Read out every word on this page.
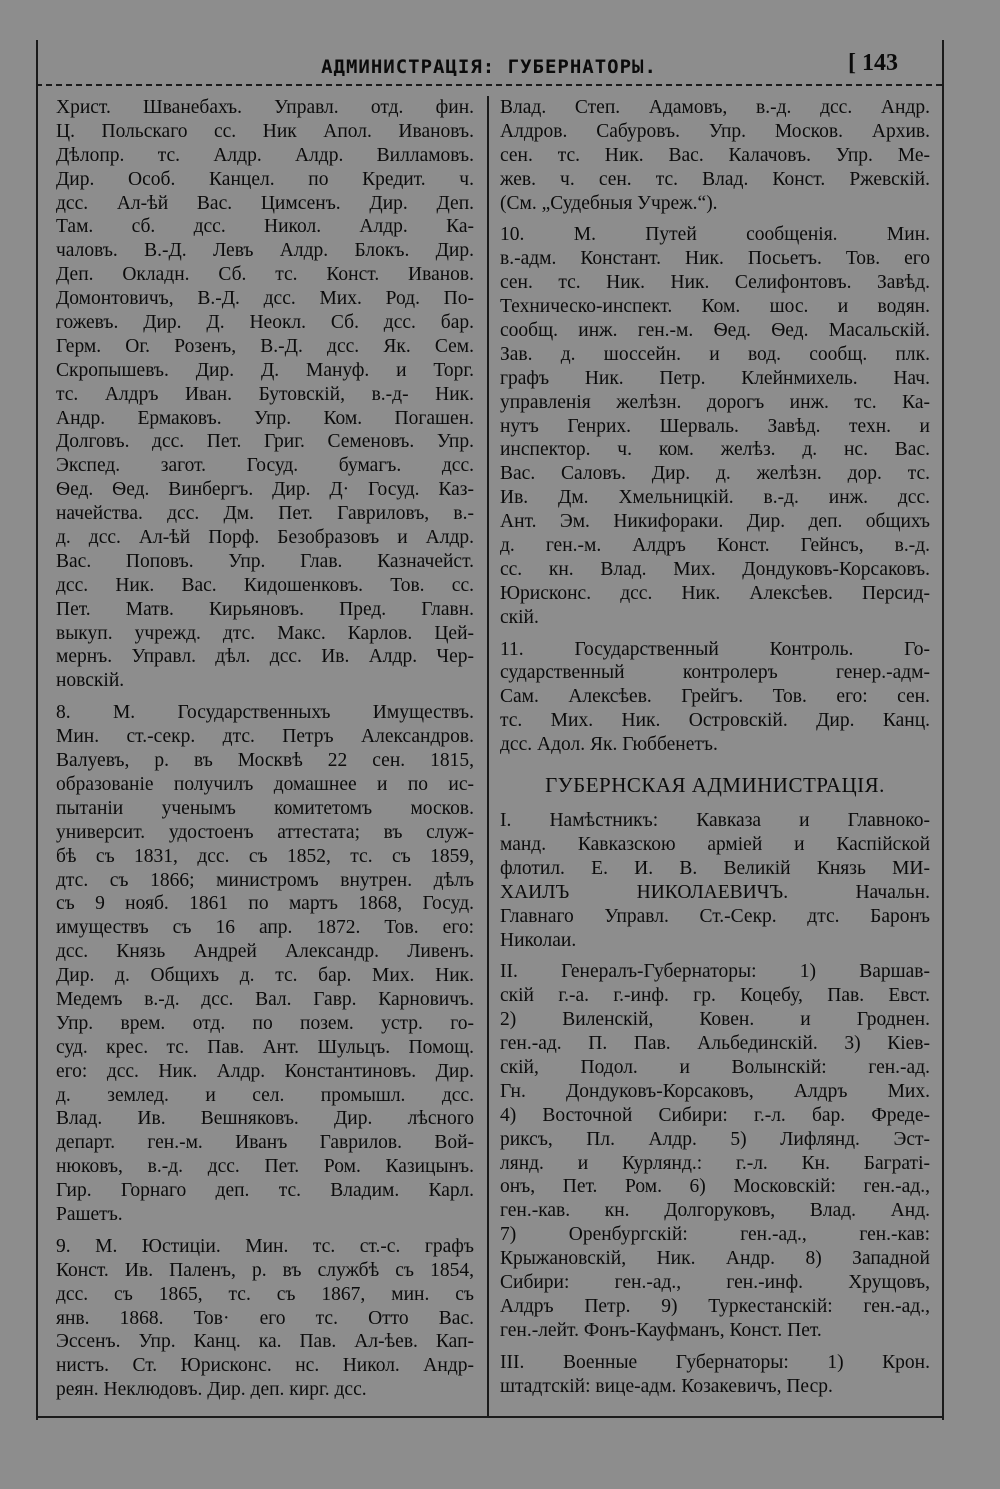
АДМИНИСТРАЦІЯ: ГУБЕРНАТОРЫ.	[ 143
Христ. Шванебахъ. Управл. отд. фин.
Ц. Польскаго сс. Ник Апол. Ивановъ.
Дѣлопр. тс. Алдр. Алдр. Вилламовъ.
Дир. Особ. Канцел. по Кредит. ч.
дсс. Ал-ѣй Вас. Цимсенъ. Дир. Деп.
Там. сб. дсс. Никол. Алдр. Ка-
чаловъ. В.-Д. Левъ Алдр. Блокъ. Дир.
Деп. Окладн. Сб. тс. Конст. Иванов.
Домонтовичъ, В.-Д. дсс. Мих. Род. По-
гожевъ. Дир. Д. Неокл. Сб. дсс. бар.
Герм. Ог. Розенъ, В.-Д. дсс. Як. Сем.
Скропышевъ. Дир. Д. Мануф. и Торг.
тс. Алдръ Иван. Бутовскій, в.-д- Ник.
Андр. Ермаковъ. Упр. Ком. Погашен.
Долговъ. дсс. Пет. Григ. Семеновъ. Упр.
Экспед. загот. Госуд. бумагъ. дсс.
Ѳед. Ѳед. Винбергъ. Дир. Д· Госуд. Каз-
начейства. дсс. Дм. Пет. Гавриловъ, в.-
д. дсс. Ал-ѣй Порф. Безобразовъ и Алдр.
Вас. Поповъ. Упр. Глав. Казначейст.
дсс. Ник. Вас. Кидошенковъ. Тов. сс.
Пет. Матв. Кирьяновъ. Пред. Главн.
выкуп. учрежд. дтс. Макс. Карлов. Цей-
мернъ. Управл. дѣл. дсс. Ив. Алдр. Чер-
новскій.
8. М. Государственныхъ Имуществъ.
Мин. ст.-секр. дтс. Петръ Александров.
Валуевъ, р. въ Москвѣ 22 сен. 1815,
образованіе получилъ домашнее и по ис-
пытаніи ученымъ комитетомъ москов.
университ. удостоенъ аттестата; въ служ-
бѣ съ 1831, дсс. съ 1852, тс. съ 1859,
дтс. съ 1866; министромъ внутрен. дѣлъ
съ 9 нояб. 1861 по мартъ 1868, Госуд.
имуществъ съ 16 апр. 1872. Тов. его:
дсс. Князь Андрей Александр. Ливенъ.
Дир. д. Общихъ д. тс. бар. Мих. Ник.
Медемъ в.-д. дсс. Вал. Гавр. Карновичъ.
Упр. врем. отд. по позем. устр. го-
суд. крес. тс. Пав. Ант. Шульцъ. Помощ.
его: дсс. Ник. Алдр. Константиновъ. Дир.
д. землед. и сел. промышл. дсс.
Влад. Ив. Вешняковъ. Дир. лѣсного
департ. ген.-м. Иванъ Гаврилов. Вой-
нюковъ, в.-д. дсс. Пет. Ром. Казицынъ.
Гир. Горнаго деп. тс. Владим. Карл.
Рашетъ.
9. М. Юстиціи. Мин. тс. ст.-с. графъ
Конст. Ив. Паленъ, р. въ службѣ съ 1854,
дсс. съ 1865, тс. съ 1867, мин. съ
янв. 1868. Тов· его тс. Отто Вас.
Эссенъ. Упр. Канц. ка. Пав. Ал-ѣев. Кап-
нистъ. Ст. Юрисконс. нс. Никол. Андр-
реян. Неклюдовъ. Дир. деп. кирг. дсс.
Влад. Степ. Адамовъ, в.-д. дсс. Андр.
Алдров. Сабуровъ. Упр. Москов. Архив.
сен. тс. Ник. Вас. Калачовъ. Упр. Ме-
жев. ч. сен. тс. Влад. Конст. Ржевскій.
(См. „Судебныя Учреж.“).
10. М. Путей сообщенія. Мин.
в.-адм. Констант. Ник. Посьетъ. Тов. его
сен. тс. Ник. Ник. Селифонтовъ. Завѣд.
Техническо-инспект. Ком. шос. и водян.
сообщ. инж. ген.-м. Ѳед. Ѳед. Масальскій.
Зав. д. шоссейн. и вод. сообщ. плк.
графъ Ник. Петр. Клейнмихель. Нач.
управленія желѣзн. дорогъ инж. тс. Ка-
нутъ Генрих. Шерваль. Завѣд. техн. и
инспектор. ч. ком. желѣз. д. нс. Вас.
Вас. Саловъ. Дир. д. желѣзн. дор. тс.
Ив. Дм. Хмельницкій. в.-д. инж. дсс.
Ант. Эм. Никифораки. Дир. деп. общихъ
д. ген.-м. Алдръ Конст. Гейнсъ, в.-д.
сс. кн. Влад. Мих. Дондуковъ-Корсаковъ.
Юрисконс. дсс. Ник. Алексѣев. Персид-
скій.
11. Государственный Контроль. Го-
сударственный контролеръ генер.-адм-
Сам. Алексѣев. Грейгъ. Тов. его: сен.
тс. Мих. Ник. Островскій. Дир. Канц.
дсс. Адол. Як. Гюббенетъ.
ГУБЕРНСКАЯ АДМИНИСТРАЦІЯ.
I. Намѣстникъ: Кавказа и Главноко-
манд. Кавказскою арміей и Каспійской
флотил. Е. И. В. Великій Князь МИ-
ХАИЛЪ НИКОЛАЕВИЧЪ. Начальн.
Главнаго Управл. Ст.-Секр. дтс. Баронъ
Николаи.
II. Генералъ-Губернаторы: 1) Варшав-
скій г.-а. г.-инф. гр. Коцебу, Пав. Евст.
2) Виленскій, Ковен. и Гроднен.
ген.-ад. П. Пав. Альбединскій. 3) Кіев-
скій, Подол. и Волынскій: ген.-ад.
Гн. Дондуковъ-Корсаковъ, Алдръ Мих.
4) Восточной Сибири: г.-л. бар. Фреде-
риксъ, Пл. Алдр. 5) Лифлянд. Эст-
лянд. и Курлянд.: г.-л. Кн. Багратi-
онъ, Пет. Ром. 6) Московскій: ген.-ад.,
ген.-кав. кн. Долгоруковъ, Влад. Анд.
7) Оренбургскій: ген.-ад., ген.-кав:
Крыжановскій, Ник. Андр. 8) Западной
Сибири: ген.-ад., ген.-инф. Хрущовъ,
Алдръ Петр. 9) Туркестанскій: ген.-ад.,
ген.-лейт. Фонъ-Кауфманъ, Конст. Пет.
III. Военные Губернаторы: 1) Крон.
штадтскій: вице-адм. Козакевичъ, Песр.
